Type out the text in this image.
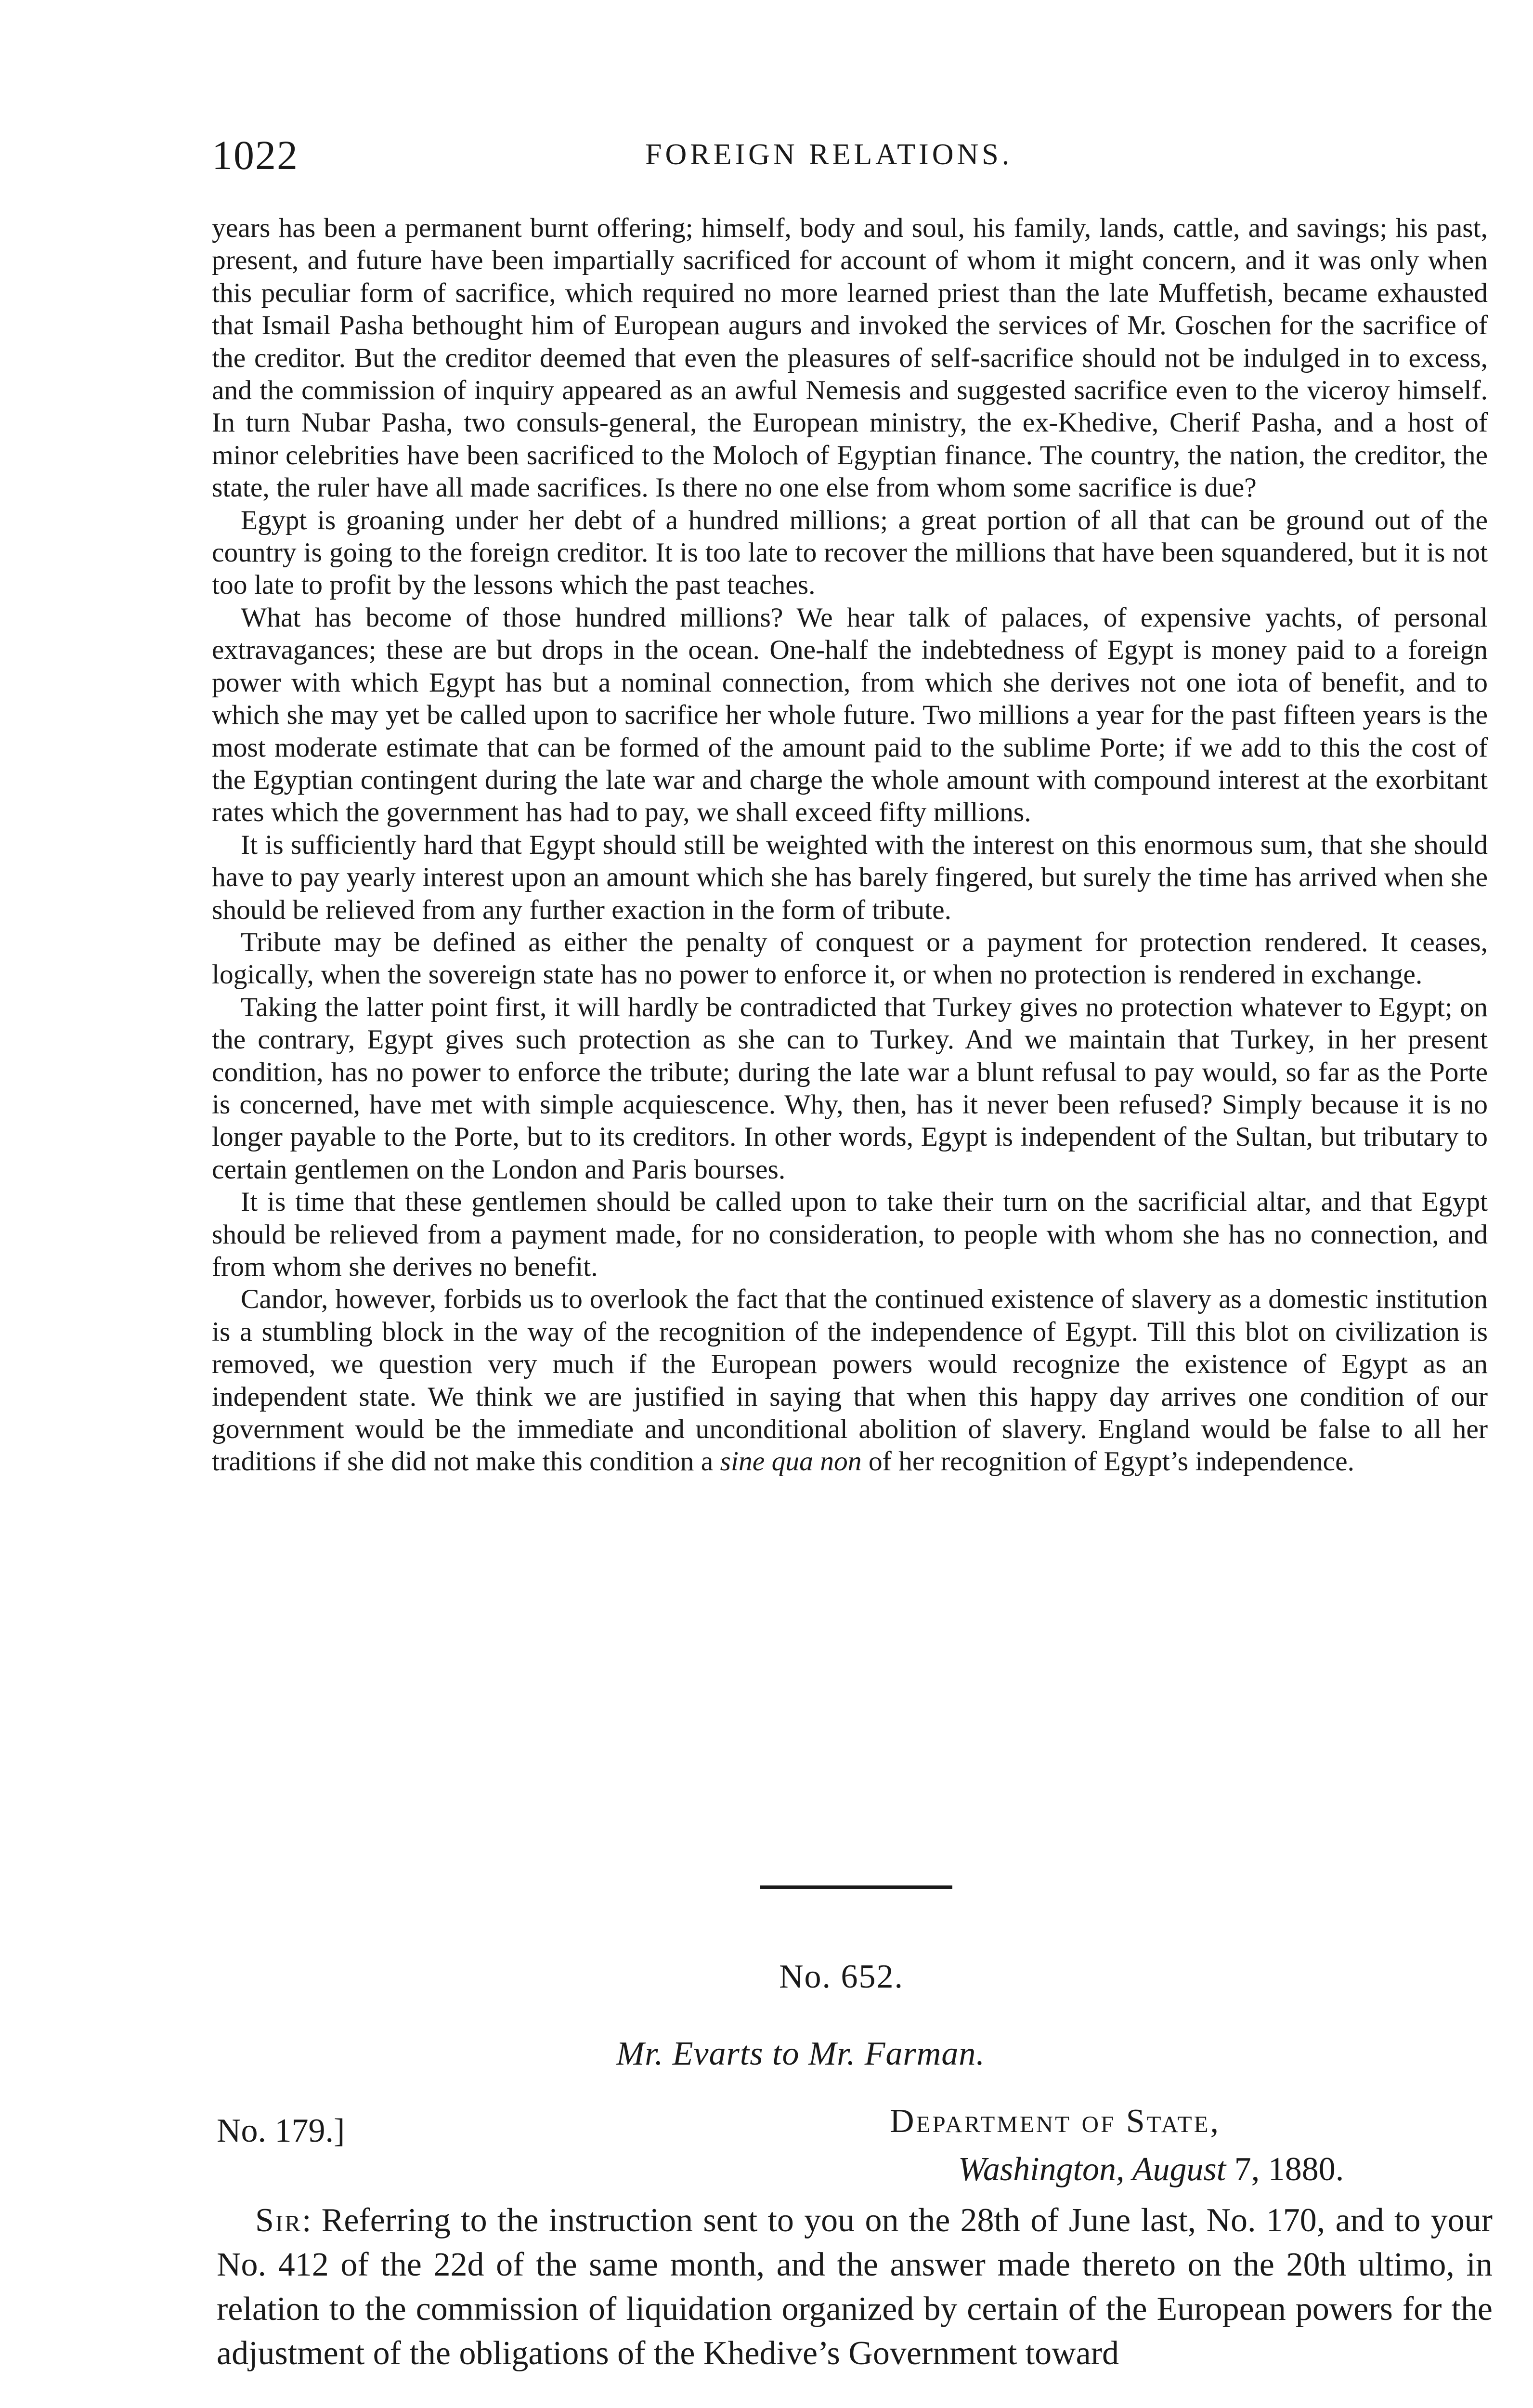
1022	FOREIGN RELATIONS.

years has been a permanent burnt offering; himself, body and soul, his family, lands, cattle, and savings; his past, present, and future have been impartially sacrificed for account of whom it might concern, and it was only when this peculiar form of sacrifice, which required no more learned priest than the late Muffetish, became exhausted that Ismail Pasha bethought him of European augurs and invoked the services of Mr. Goschen for the sacrifice of the creditor. But the creditor deemed that even the pleasures of self-sacrifice should not be indulged in to excess, and the commission of inquiry appeared as an awful Nemesis and suggested sacrifice even to the viceroy himself. In turn Nubar Pasha, two consuls-general, the European ministry, the ex-Khedive, Cherif Pasha, and a host of minor celebrities have been sacrificed to the Moloch of Egyptian finance. The country, the nation, the creditor, the state, the ruler have all made sacrifices. Is there no one else from whom some sacrifice is due?

Egypt is groaning under her debt of a hundred millions; a great portion of all that can be ground out of the country is going to the foreign creditor. It is too late to recover the millions that have been squandered, but it is not too late to profit by the lessons which the past teaches.

What has become of those hundred millions? We hear talk of palaces, of expensive yachts, of personal extravagances; these are but drops in the ocean. One-half the indebtedness of Egypt is money paid to a foreign power with which Egypt has but a nominal connection, from which she derives not one iota of benefit, and to which she may yet be called upon to sacrifice her whole future. Two millions a year for the past fifteen years is the most moderate estimate that can be formed of the amount paid to the sublime Porte; if we add to this the cost of the Egyptian contingent during the late war and charge the whole amount with compound interest at the exorbitant rates which the government has had to pay, we shall exceed fifty millions.

It is sufficiently hard that Egypt should still be weighted with the interest on this enormous sum, that she should have to pay yearly interest upon an amount which she has barely fingered, but surely the time has arrived when she should be relieved from any further exaction in the form of tribute.

Tribute may be defined as either the penalty of conquest or a payment for protection rendered. It ceases, logically, when the sovereign state has no power to enforce it, or when no protection is rendered in exchange.

Taking the latter point first, it will hardly be contradicted that Turkey gives no protection whatever to Egypt; on the contrary, Egypt gives such protection as she can to Turkey. And we maintain that Turkey, in her present condition, has no power to enforce the tribute; during the late war a blunt refusal to pay would, so far as the Porte is concerned, have met with simple acquiescence. Why, then, has it never been refused? Simply because it is no longer payable to the Porte, but to its creditors. In other words, Egypt is independent of the Sultan, but tributary to certain gentlemen on the London and Paris bourses.

It is time that these gentlemen should be called upon to take their turn on the sacrificial altar, and that Egypt should be relieved from a payment made, for no consideration, to people with whom she has no connection, and from whom she derives no benefit.

Candor, however, forbids us to overlook the fact that the continued existence of slavery as a domestic institution is a stumbling block in the way of the recognition of the independence of Egypt. Till this blot on civilization is removed, we question very much if the European powers would recognize the existence of Egypt as an independent state. We think we are justified in saying that when this happy day arrives one condition of our government would be the immediate and unconditional abolition of slavery. England would be false to all her traditions if she did not make this condition a sine qua non of her recognition of Egypt’s independence.

No. 652.
Mr. Evarts to Mr. Farman.
No. 179.]	Department of State,
Washington, August 7, 1880.

Sir: Referring to the instruction sent to you on the 28th of June last, No. 170, and to your No. 412 of the 22d of the same month, and the answer made thereto on the 20th ultimo, in relation to the commission of liquidation organized by certain of the European powers for the adjustment of the obligations of the Khedive’s Government toward
